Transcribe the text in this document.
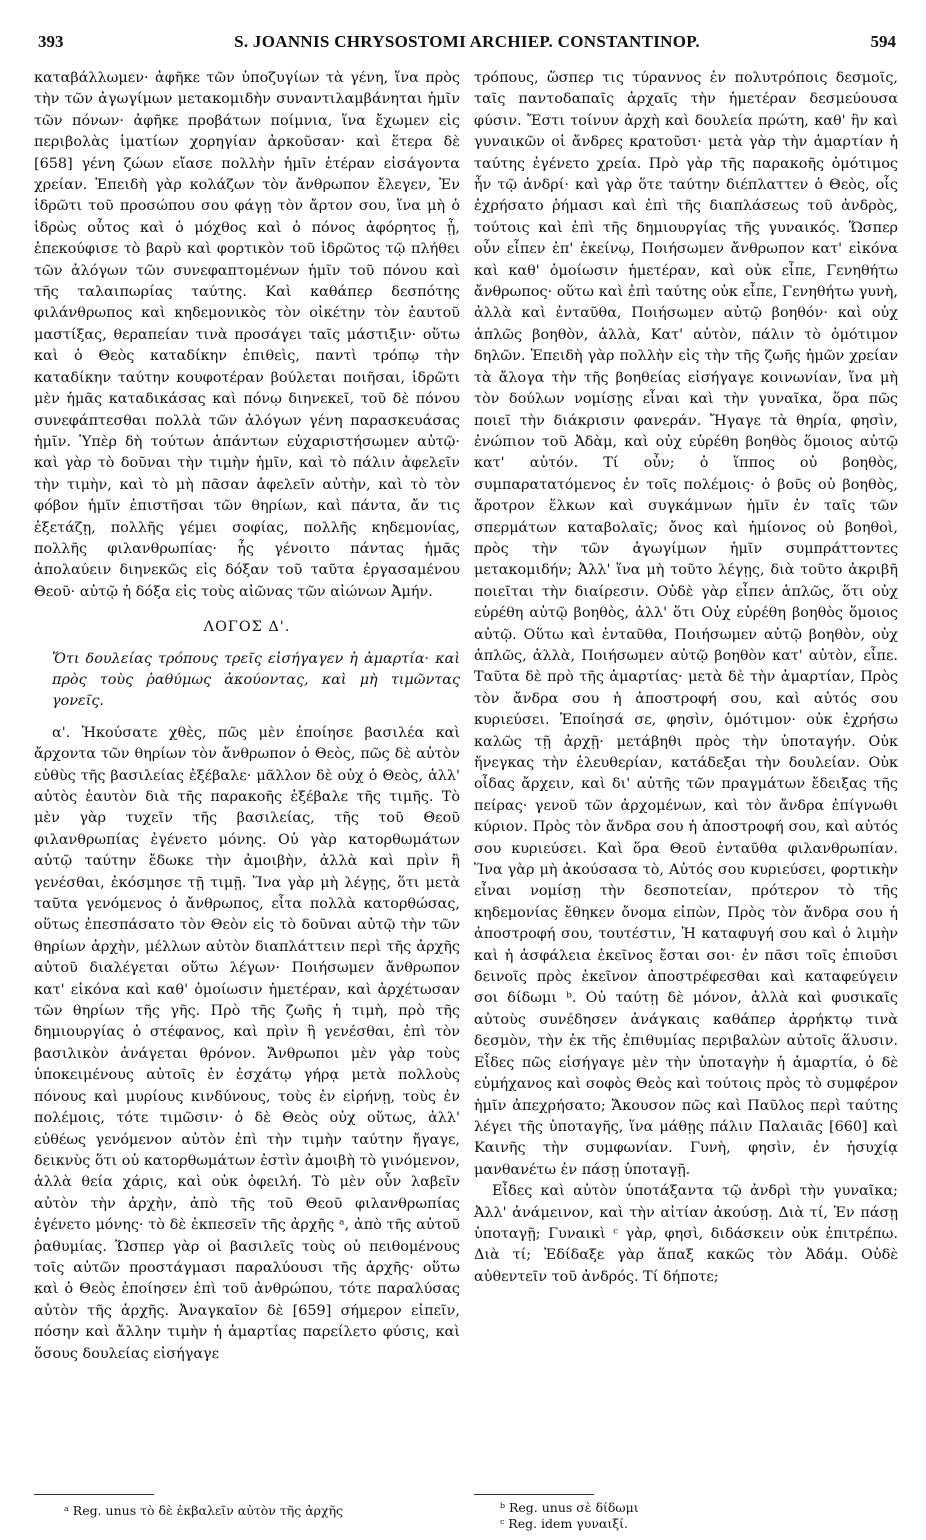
393	S. JOANNIS CHRYSOSTOMI ARCHIEP. CONSTANTINOP.	594

καταβάλλωμεν· ἀφῆκε τῶν ὑποζυγίων τὰ γένη, ἵνα πρὸς τὴν τῶν ἀγωγίμων μετακομιδὴν συναντιλαμβάνηται ἡμῖν τῶν πόνων· ἀφῆκε προβάτων ποίμνια, ἵνα ἔχωμεν εἰς περιβολὰς ἱματίων χορηγίαν ἀρκοῦσαν· καὶ ἕτερα δὲ [658] γένη ζώων εἴασε πολλὴν ἡμῖν ἑτέραν εἰσάγοντα χρείαν. Ἐπειδὴ γὰρ κολάζων τὸν ἄνθρωπον ἔλεγεν, Ἐν ἱδρῶτι τοῦ προσώπου σου φάγῃ τὸν ἄρτον σου, ἵνα μὴ ὁ ἱδρὼς οὗτος καὶ ὁ μόχθος καὶ ὁ πόνος ἀφόρητος ᾖ, ἐπεκούφισε τὸ βαρὺ καὶ φορτικὸν τοῦ ἱδρῶτος τῷ πλήθει τῶν ἀλόγων τῶν συνεφαπτομένων ἡμῖν τοῦ πόνου καὶ τῆς ταλαιπωρίας ταύτης. Καὶ καθάπερ δεσπότης φιλάνθρωπος καὶ κηδεμονικὸς τὸν οἰκέτην τὸν ἑαυτοῦ μαστίξας, θεραπείαν τινὰ προσάγει ταῖς μάστιξιν· οὕτω καὶ ὁ Θεὸς καταδίκην ἐπιθεὶς, παντὶ τρόπῳ τὴν καταδίκην ταύτην κουφοτέραν βούλεται ποιῆσαι, ἱδρῶτι μὲν ἡμᾶς καταδικάσας καὶ πόνῳ διηνεκεῖ, τοῦ δὲ πόνου συνεφάπτεσθαι πολλὰ τῶν ἀλόγων γένη παρασκευάσας ἡμῖν. Ὑπὲρ δὴ τούτων ἁπάντων εὐχαριστήσωμεν αὐτῷ· καὶ γὰρ τὸ δοῦναι τὴν τιμὴν ἡμῖν, καὶ τὸ πάλιν ἀφελεῖν τὴν τιμὴν, καὶ τὸ μὴ πᾶσαν ἀφελεῖν αὐτὴν, καὶ τὸ τὸν φόβον ἡμῖν ἐπιστῆσαι τῶν θηρίων, καὶ πάντα, ἄν τις ἐξετάζῃ, πολλῆς γέμει σοφίας, πολλῆς κηδεμονίας, πολλῆς φιλανθρωπίας· ἧς γένοιτο πάντας ἡμᾶς ἀπολαύειν διηνεκῶς εἰς δόξαν τοῦ ταῦτα ἐργασαμένου Θεοῦ· αὐτῷ ἡ δόξα εἰς τοὺς αἰῶνας τῶν αἰώνων Ἀμήν.

ΛΟΓΟΣ Δ'.

Ὅτι δουλείας τρόπους τρεῖς εἰσήγαγεν ἡ ἁμαρτία· καὶ πρὸς τοὺς ῥαθύμως ἀκούοντας, καὶ μὴ τιμῶντας γονεῖς.

α'. Ἠκούσατε χθὲς, πῶς μὲν ἐποίησε βασιλέα καὶ ἄρχοντα τῶν θηρίων τὸν ἄνθρωπον ὁ Θεὸς, πῶς δὲ αὐτὸν εὐθὺς τῆς βασιλείας ἐξέβαλε· μᾶλλον δὲ οὐχ ὁ Θεὸς, ἀλλ' αὐτὸς ἑαυτὸν διὰ τῆς παρακοῆς ἐξέβαλε τῆς τιμῆς. Τὸ μὲν γὰρ τυχεῖν τῆς βασιλείας, τῆς τοῦ Θεοῦ φιλανθρωπίας ἐγένετο μόνης. Οὐ γὰρ κατορθωμάτων αὐτῷ ταύτην ἔδωκε τὴν ἀμοιβὴν, ἀλλὰ καὶ πρὶν ἢ γενέσθαι, ἐκόσμησε τῇ τιμῇ. Ἵνα γὰρ μὴ λέγῃς, ὅτι μετὰ ταῦτα γενόμενος ὁ ἄνθρωπος, εἶτα πολλὰ κατορθώσας, οὕτως ἐπεσπάσατο τὸν Θεὸν εἰς τὸ δοῦναι αὐτῷ τὴν τῶν θηρίων ἀρχὴν, μέλλων αὐτὸν διαπλάττειν περὶ τῆς ἀρχῆς αὐτοῦ διαλέγεται οὕτω λέγων· Ποιήσωμεν ἄνθρωπον κατ' εἰκόνα καὶ καθ' ὁμοίωσιν ἡμετέραν, καὶ ἀρχέτωσαν τῶν θηρίων τῆς γῆς. Πρὸ τῆς ζωῆς ἡ τιμὴ, πρὸ τῆς δημιουργίας ὁ στέφανος, καὶ πρὶν ἢ γενέσθαι, ἐπὶ τὸν βασιλικὸν ἀνάγεται θρόνον. Ἄνθρωποι μὲν γὰρ τοὺς ὑποκειμένους αὐτοῖς ἐν ἐσχάτῳ γήρᾳ μετὰ πολλοὺς πόνους καὶ μυρίους κινδύνους, τοὺς ἐν εἰρήνῃ, τοὺς ἐν πολέμοις, τότε τιμῶσιν· ὁ δὲ Θεὸς οὐχ οὕτως, ἀλλ' εὐθέως γενόμενον αὐτὸν ἐπὶ τὴν τιμὴν ταύτην ἤγαγε, δεικνὺς ὅτι οὐ κατορθωμάτων ἐστὶν ἀμοιβὴ τὸ γινόμενον, ἀλλὰ θεία χάρις, καὶ οὐκ ὀφειλή. Τὸ μὲν οὖν λαβεῖν αὐτὸν τὴν ἀρχὴν, ἀπὸ τῆς τοῦ Θεοῦ φιλανθρωπίας ἐγένετο μόνης· τὸ δὲ ἐκπεσεῖν τῆς ἀρχῆς ᵃ, ἀπὸ τῆς αὐτοῦ ῥαθυμίας. Ὥσπερ γὰρ οἱ βασιλεῖς τοὺς οὐ πειθομένους τοῖς αὐτῶν προστάγμασι παραλύουσι τῆς ἀρχῆς· οὕτω καὶ ὁ Θεὸς ἐποίησεν ἐπὶ τοῦ ἀνθρώπου, τότε παραλύσας αὐτὸν τῆς ἀρχῆς. Ἀναγκαῖον δὲ [659] σήμερον εἰπεῖν, πόσην καὶ ἄλλην τιμὴν ἡ ἁμαρτίας παρείλετο φύσις, καὶ ὅσους δουλείας εἰσήγαγε

τρόπους, ὥσπερ τις τύραννος ἐν πολυτρόποις δεσμοῖς, ταῖς παντοδαπαῖς ἀρχαῖς τὴν ἡμετέραν δεσμεύουσα φύσιν. Ἔστι τοίνυν ἀρχὴ καὶ δουλεία πρώτη, καθ' ἣν καὶ γυναικῶν οἱ ἄνδρες κρατοῦσι· μετὰ γὰρ τὴν ἁμαρτίαν ἡ ταύτης ἐγένετο χρεία. Πρὸ γὰρ τῆς παρακοῆς ὁμότιμος ἦν τῷ ἀνδρί· καὶ γὰρ ὅτε ταύτην διέπλαττεν ὁ Θεὸς, οἷς ἐχρήσατο ῥήμασι καὶ ἐπὶ τῆς διαπλάσεως τοῦ ἀνδρὸς, τούτοις καὶ ἐπὶ τῆς δημιουργίας τῆς γυναικός. Ὥσπερ οὖν εἶπεν ἐπ' ἐκείνῳ, Ποιήσωμεν ἄνθρωπον κατ' εἰκόνα καὶ καθ' ὁμοίωσιν ἡμετέραν, καὶ οὐκ εἶπε, Γενηθήτω ἄνθρωπος· οὕτω καὶ ἐπὶ ταύτης οὐκ εἶπε, Γενηθήτω γυνὴ, ἀλλὰ καὶ ἐνταῦθα, Ποιήσωμεν αὐτῷ βοηθόν· καὶ οὐχ ἁπλῶς βοηθὸν, ἀλλὰ, Κατ' αὐτὸν, πάλιν τὸ ὁμότιμον δηλῶν. Ἐπειδὴ γὰρ πολλὴν εἰς τὴν τῆς ζωῆς ἡμῶν χρείαν τὰ ἄλογα τὴν τῆς βοηθείας εἰσήγαγε κοινωνίαν, ἵνα μὴ τὸν δούλων νομίσῃς εἶναι καὶ τὴν γυναῖκα, ὅρα πῶς ποιεῖ τὴν διάκρισιν φανεράν. Ἤγαγε τὰ θηρία, φησὶν, ἐνώπιον τοῦ Ἀδὰμ, καὶ οὐχ εὑρέθη βοηθὸς ὅμοιος αὐτῷ κατ' αὐτόν. Τί οὖν; ὁ ἵππος οὐ βοηθὸς, συμπαρατατόμενος ἐν τοῖς πολέμοις· ὁ βοῦς οὐ βοηθὸς, ἄροτρον ἕλκων καὶ συγκάμνων ἡμῖν ἐν ταῖς τῶν σπερμάτων καταβολαῖς; ὄνος καὶ ἡμίονος οὐ βοηθοὶ, πρὸς τὴν τῶν ἀγωγίμων ἡμῖν συμπράττοντες μετακομιδήν; Ἀλλ' ἵνα μὴ τοῦτο λέγῃς, διὰ τοῦτο ἀκριβῆ ποιεῖται τὴν διαίρεσιν. Οὐδὲ γὰρ εἶπεν ἁπλῶς, ὅτι οὐχ εὑρέθη αὐτῷ βοηθὸς, ἀλλ' ὅτι Οὐχ εὑρέθη βοηθὸς ὅμοιος αὐτῷ. Οὕτω καὶ ἐνταῦθα, Ποιήσωμεν αὐτῷ βοηθὸν, οὐχ ἁπλῶς, ἀλλὰ, Ποιήσωμεν αὐτῷ βοηθὸν κατ' αὐτὸν, εἶπε. Ταῦτα δὲ πρὸ τῆς ἁμαρτίας· μετὰ δὲ τὴν ἁμαρτίαν, Πρὸς τὸν ἄνδρα σου ἡ ἀποστροφή σου, καὶ αὐτός σου κυριεύσει. Ἐποίησά σε, φησὶν, ὁμότιμον· οὐκ ἐχρήσω καλῶς τῇ ἀρχῇ· μετάβηθι πρὸς τὴν ὑποταγήν. Οὐκ ἤνεγκας τὴν ἐλευθερίαν, κατάδεξαι τὴν δουλείαν. Οὐκ οἶδας ἄρχειν, καὶ δι' αὐτῆς τῶν πραγμάτων ἔδειξας τῆς πείρας· γενοῦ τῶν ἀρχομένων, καὶ τὸν ἄνδρα ἐπίγνωθι κύριον. Πρὸς τὸν ἄνδρα σου ἡ ἀποστροφή σου, καὶ αὐτός σου κυριεύσει. Καὶ ὅρα Θεοῦ ἐνταῦθα φιλανθρωπίαν. Ἵνα γὰρ μὴ ἀκούσασα τὸ, Αὐτός σου κυριεύσει, φορτικὴν εἶναι νομίσῃ τὴν δεσποτείαν, πρότερον τὸ τῆς κηδεμονίας ἔθηκεν ὄνομα εἰπὼν, Πρὸς τὸν ἄνδρα σου ἡ ἀποστροφή σου, τουτέστιν, Ἡ καταφυγή σου καὶ ὁ λιμὴν καὶ ἡ ἀσφάλεια ἐκεῖνος ἔσται σοι· ἐν πᾶσι τοῖς ἐπιοῦσι δεινοῖς πρὸς ἐκεῖνον ἀποστρέφεσθαι καὶ καταφεύγειν σοι δίδωμι ᵇ. Οὐ ταύτῃ δὲ μόνον, ἀλλὰ καὶ φυσικαῖς αὐτοὺς συνέδησεν ἀνάγκαις καθάπερ ἀρρήκτῳ τινὰ δεσμὸν, τὴν ἐκ τῆς ἐπιθυμίας περιβαλὼν αὐτοῖς ἅλυσιν. Εἶδες πῶς εἰσήγαγε μὲν τὴν ὑποταγὴν ἡ ἁμαρτία, ὁ δὲ εὐμήχανος καὶ σοφὸς Θεὸς καὶ τούτοις πρὸς τὸ συμφέρον ἡμῖν ἀπεχρήσατο; Ἄκουσον πῶς καὶ Παῦλος περὶ ταύτης λέγει τῆς ὑποταγῆς, ἵνα μάθῃς πάλιν Παλαιᾶς [660] καὶ Καινῆς τὴν συμφωνίαν. Γυνὴ, φησὶν, ἐν ἡσυχίᾳ μανθανέτω ἐν πάσῃ ὑποταγῇ.

Εἶδες καὶ αὐτὸν ὑποτάξαντα τῷ ἀνδρὶ τὴν γυναῖκα; Ἀλλ' ἀνάμεινον, καὶ τὴν αἰτίαν ἀκούσῃ. Διὰ τί, Ἐν πάσῃ ὑποταγῇ; Γυναικὶ ᶜ γὰρ, φησὶ, διδάσκειν οὐκ ἐπιτρέπω. Διὰ τί; Ἐδίδαξε γὰρ ἅπαξ κακῶς τὸν Ἀδάμ. Οὐδὲ αὐθεντεῖν τοῦ ἀνδρός. Τί δήποτε;

ᵃ Reg. unus τὸ δὲ ἐκβαλεῖν αὐτὸν τῆς ἀρχῆς	ᵇ Reg. unus σὲ δίδωμι
ᶜ Reg. idem γυναιξί.
